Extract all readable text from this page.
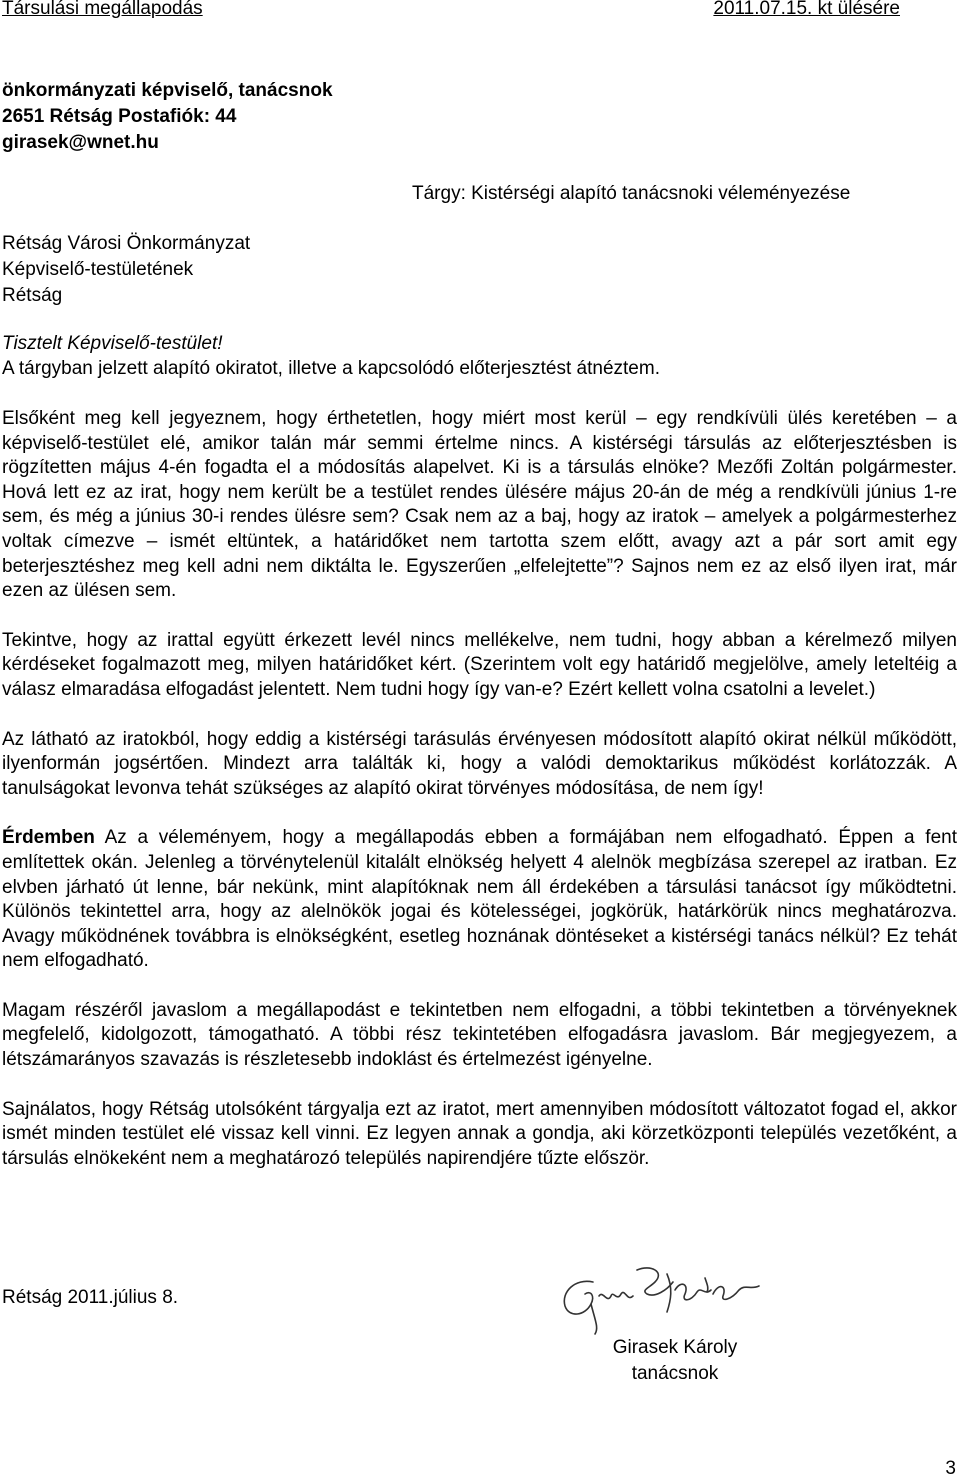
Társulási megállapodás	2011.07.15. kt ülésére
önkormányzati képviselő, tanácsnok
2651 Rétság Postafiók: 44
girasek@wnet.hu
Tárgy: Kistérségi alapító tanácsnoki véleményezése
Rétság Városi Önkormányzat
Képviselő-testületének
Rétság
Tisztelt Képviselő-testület!
A tárgyban jelzett alapító okiratot, illetve a kapcsolódó előterjesztést átnéztem.

Elsőként meg kell jegyeznem, hogy érthetetlen, hogy miért most kerül – egy rendkívüli ülés keretében – a képviselő-testület elé, amikor talán már semmi értelme nincs. A kistérségi társulás az előterjesztésben is rögzítetten május 4-én fogadta el a módosítás alapelvet. Ki is a társulás elnöke? Mezőfi Zoltán polgármester. Hová lett ez az irat, hogy nem került be a testület rendes ülésére május 20-án de még a rendkívüli június 1-re sem, és még a június 30-i rendes ülésre sem? Csak nem az a baj, hogy az iratok – amelyek a polgármesterhez voltak címezve – ismét eltüntek, a határidőket nem tartotta szem előtt, avagy azt a pár sort amit egy beterjesztéshez meg kell adni nem diktálta le. Egyszerűen „elfelejtette”? Sajnos nem ez az első ilyen irat, már ezen az ülésen sem.

Tekintve, hogy az irattal együtt érkezett levél nincs mellékelve, nem tudni, hogy abban a kérelmező milyen kérdéseket fogalmazott meg, milyen határidőket kért. (Szerintem volt egy határidő megjelölve, amely leteltéig a válasz elmaradása elfogadást jelentett. Nem tudni hogy így van-e? Ezért kellett volna csatolni a levelet.)

Az látható az iratokból, hogy eddig a kistérségi tarásulás érvényesen módosított alapító okirat nélkül működött, ilyenformán jogsértően. Mindezt arra találták ki, hogy a valódi demoktarikus működést korlátozzák. A tanulságokat levonva tehát szükséges az alapító okirat törvényes módosítása, de nem így!

Érdemben Az a véleményem, hogy a megállapodás ebben a formájában nem elfogadható. Éppen a fent említettek okán. Jelenleg a törvénytelenül kitalált elnökség helyett 4 alelnök megbízása szerepel az iratban. Ez elvben járható út lenne, bár nekünk, mint alapítóknak nem áll érdekében a társulási tanácsot így működtetni. Különös tekintettel arra, hogy az alelnökök jogai és kötelességei, jogkörük, határkörük nincs meghatározva. Avagy működnének továbbra is elnökségként, esetleg hoznának döntéseket a kistérségi tanács nélkül? Ez tehát nem elfogadható.

Magam részéről javaslom a megállapodást e tekintetben nem elfogadni, a többi tekintetben a törvényeknek megfelelő, kidolgozott, támogatható. A többi rész tekintetében elfogadásra javaslom. Bár megjegyezem, a létszámarányos szavazás is részletesebb indoklást és értelmezést igényelne.

Sajnálatos, hogy Rétság utolsóként tárgyalja ezt az iratot, mert amennyiben módosított változatot fogad el, akkor ismét minden testület elé vissaz kell vinni. Ez legyen annak a gondja, aki körzetközponti település vezetőként, a társulás elnökeként nem a meghatározó település napirendjére tűzte először.

Rétság 2011.július 8.
Girasek Károly
tanácsnok
3
